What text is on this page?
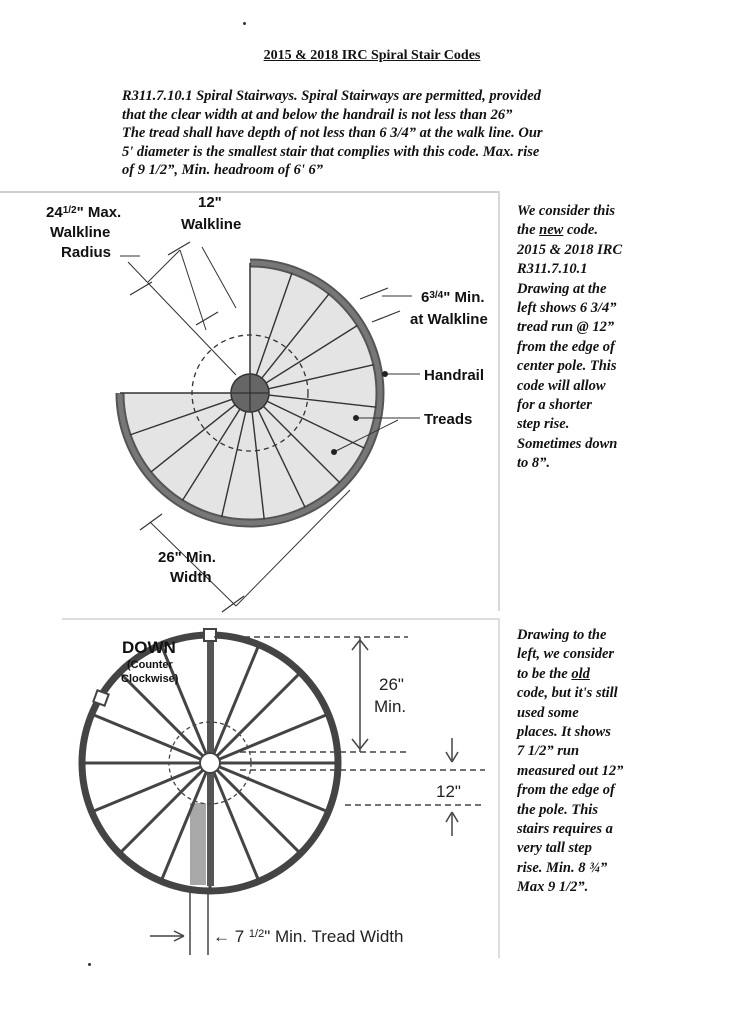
2015 & 2018 IRC Spiral Stair Codes
R311.7.10.1 Spiral Stairways. Spiral Stairways are permitted, provided
that the clear width at and below the handrail is not less than 26”
The tread shall have depth of not less than 6 3/4” at the walk line. Our
5' diameter is the smallest stair that complies with this code. Max. rise
of 9 1/2”, Min. headroom of 6' 6”
We consider this
the new code.
2015 & 2018 IRC
R311.7.10.1
Drawing at the
left shows 6 3/4”
tread run @ 12”
from the edge of
center pole. This
code will allow
for a shorter
step rise.
Sometimes down
to 8”.
Drawing to the
left, we consider
to be the old
code, but it's still
used some
places. It shows
7 1/2” run
measured out 12”
from the edge of
the pole. This
stairs requires a
very tall step
rise. Min. 8 ¾”
Max 9 1/2”.
$24^{1/2}$" Max.
Walkline
Radius
12"
Walkline
$6^{3/4}$" Min.
at Walkline
Handrail
Treads
26" Min.
Width
DOWN
(Counter
Clockwise)	26"
Min.
12"
← 7 $^{1/2}$" Min. Tread Width
